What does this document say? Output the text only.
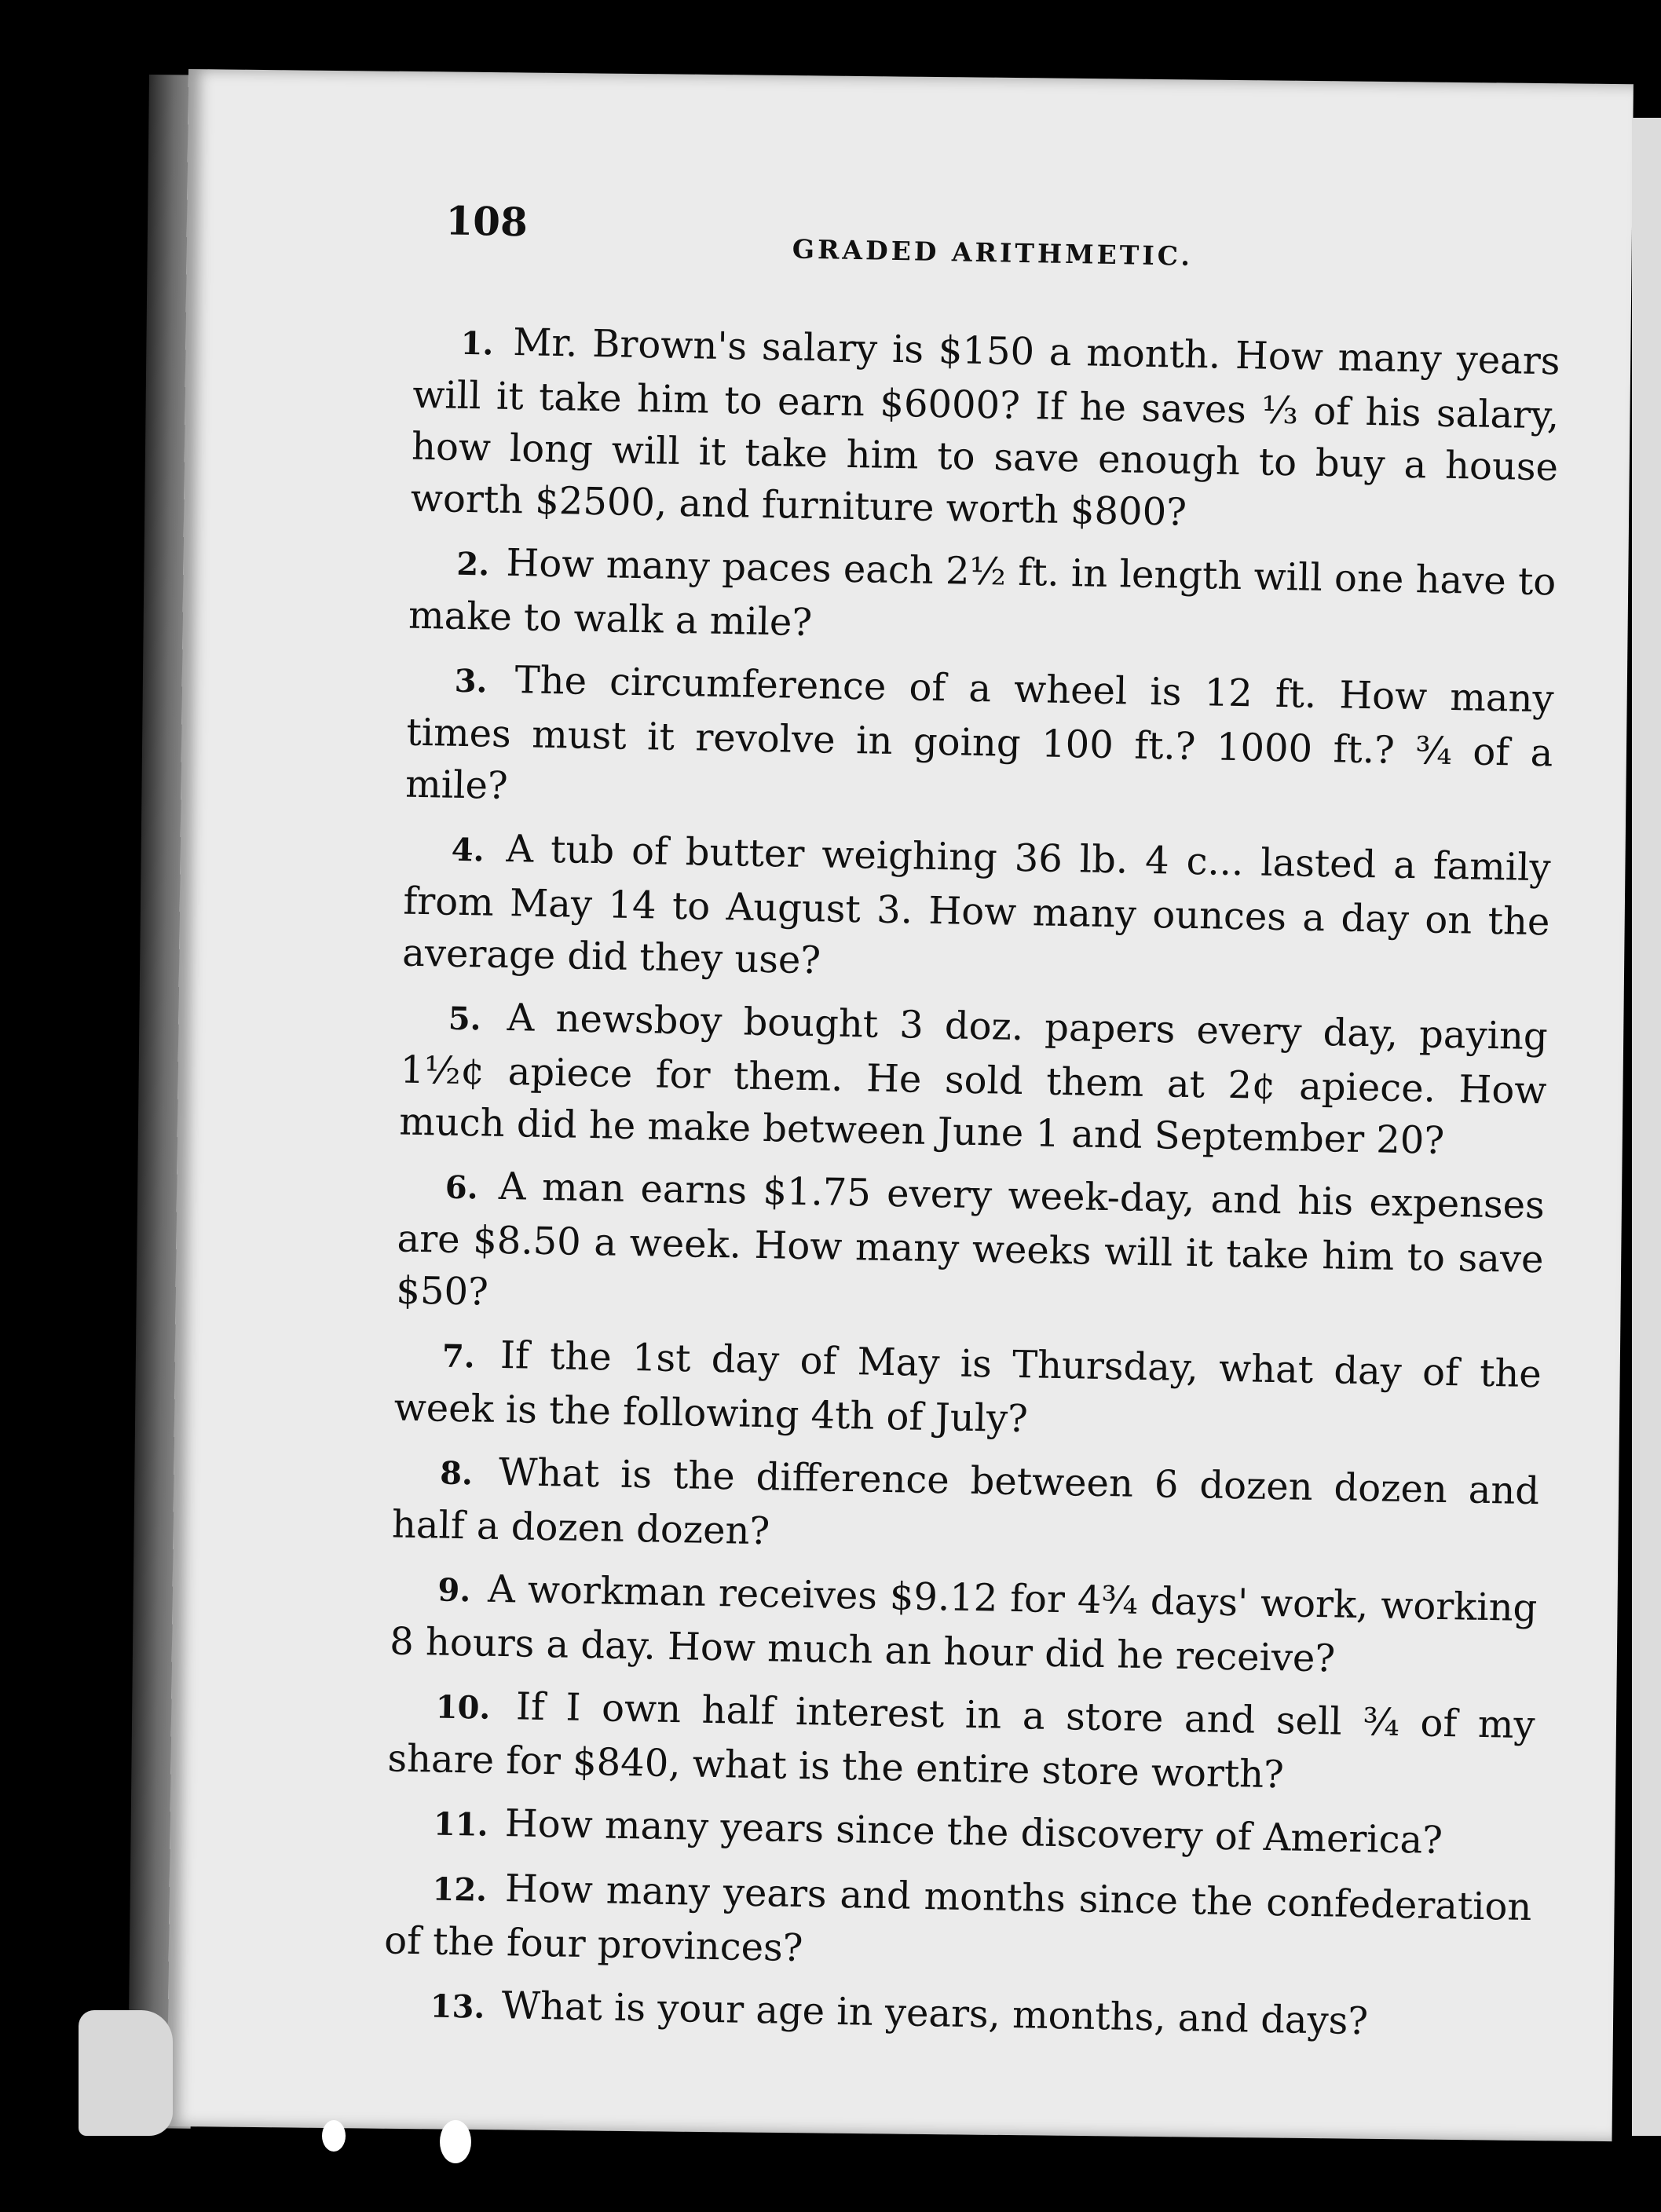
108
GRADED ARITHMETIC.

1. Mr. Brown's salary is $150 a month. How many years will it take him to earn $6000? If he saves ⅓ of his salary, how long will it take him to save enough to buy a house worth $2500, and furniture worth $800?

2. How many paces each 2½ ft. in length will one have to make to walk a mile?

3. The circumference of a wheel is 12 ft. How many times must it revolve in going 100 ft.? 1000 ft.? ¾ of a mile?

4. A tub of butter weighing 36 lb. 4 c... lasted a family from May 14 to August 3. How many ounces a day on the average did they use?

5. A newsboy bought 3 doz. papers every day, paying 1½¢ apiece for them. He sold them at 2¢ apiece. How much did he make between June 1 and September 20?

6. A man earns $1.75 every week-day, and his expenses are $8.50 a week. How many weeks will it take him to save $50?

7. If the 1st day of May is Thursday, what day of the week is the following 4th of July?

8. What is the difference between 6 dozen dozen and half a dozen dozen?

9. A workman receives $9.12 for 4¾ days' work, working 8 hours a day. How much an hour did he receive?

10. If I own half interest in a store and sell ¾ of my share for $840, what is the entire store worth?

11. How many years since the discovery of America?

12. How many years and months since the confederation of the four provinces?

13. What is your age in years, months, and days?
